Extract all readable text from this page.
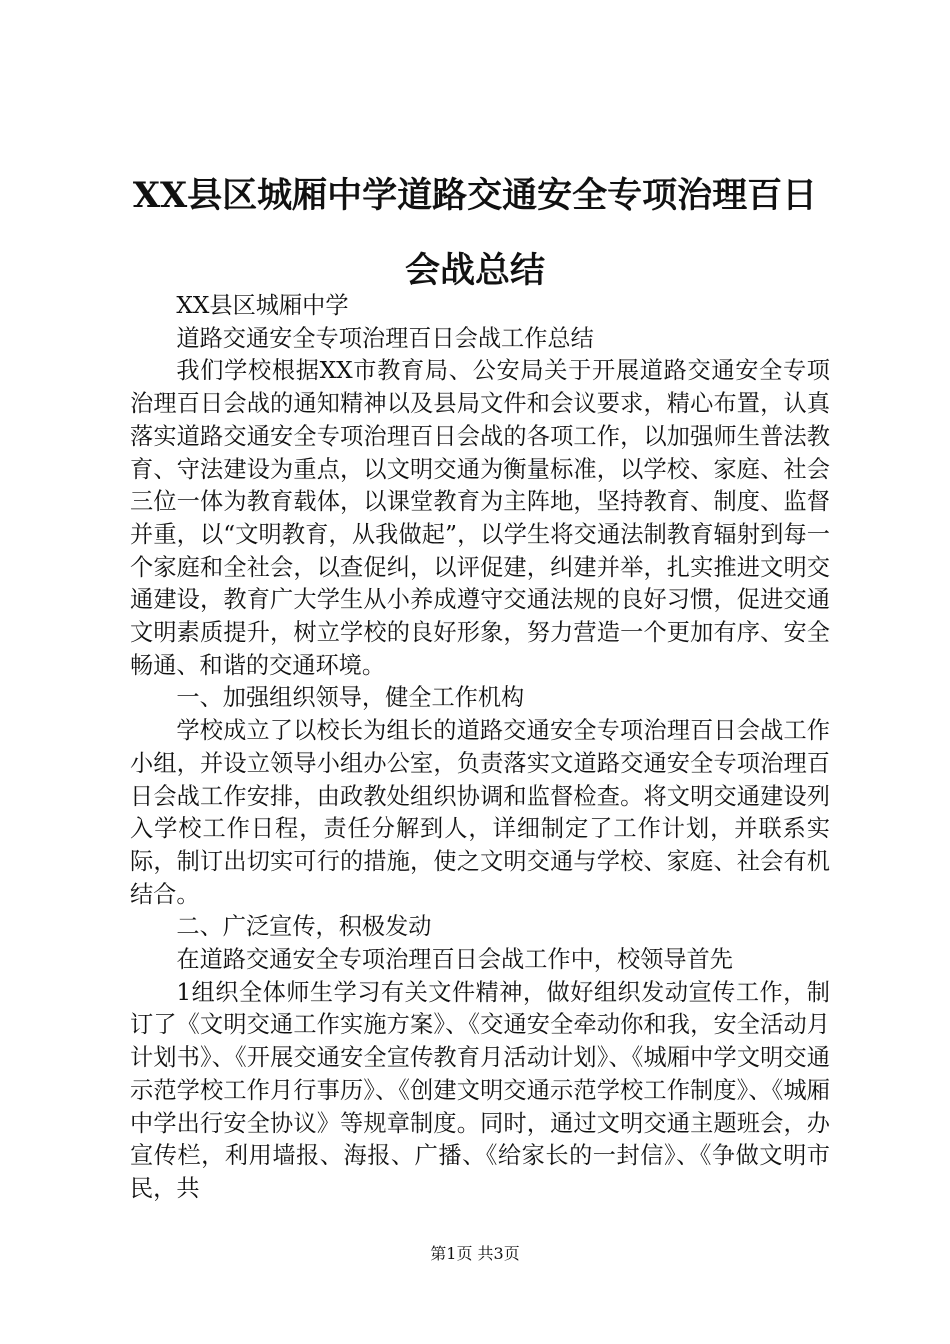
XX县区城厢中学道路交通安全专项治理百日
会战总结

XX县区城厢中学

道路交通安全专项治理百日会战工作总结

我们学校根据XX市教育局、公安局关于开展道路交通安全专项治理百日会战的通知精神以及县局文件和会议要求，精心布置，认真落实道路交通安全专项治理百日会战的各项工作，以加强师生普法教育、守法建设为重点，以文明交通为衡量标准，以学校、家庭、社会三位一体为教育载体，以课堂教育为主阵地，坚持教育、制度、监督并重，以“文明教育，从我做起”，以学生将交通法制教育辐射到每一个家庭和全社会，以查促纠，以评促建，纠建并举，扎实推进文明交通建设，教育广大学生从小养成遵守交通法规的良好习惯，促进交通文明素质提升，树立学校的良好形象，努力营造一个更加有序、安全畅通、和谐的交通环境。

一、加强组织领导，健全工作机构

学校成立了以校长为组长的道路交通安全专项治理百日会战工作小组，并设立领导小组办公室，负责落实文道路交通安全专项治理百日会战工作安排，由政教处组织协调和监督检查。将文明交通建设列入学校工作日程，责任分解到人，详细制定了工作计划，并联系实际，制订出切实可行的措施，使之文明交通与学校、家庭、社会有机结合。

二、广泛宣传，积极发动

在道路交通安全专项治理百日会战工作中，校领导首先

1组织全体师生学习有关文件精神，做好组织发动宣传工作，制订了《文明交通工作实施方案》、《交通安全牵动你和我，安全活动月计划书》、《开展交通安全宣传教育月活动计划》、《城厢中学文明交通示范学校工作月行事历》、《创建文明交通示范学校工作制度》、《城厢中学出行安全协议》等规章制度。同时，通过文明交通主题班会，办宣传栏，利用墙报、海报、广播、《给家长的一封信》、《争做文明市民，共

第1页 共3页
